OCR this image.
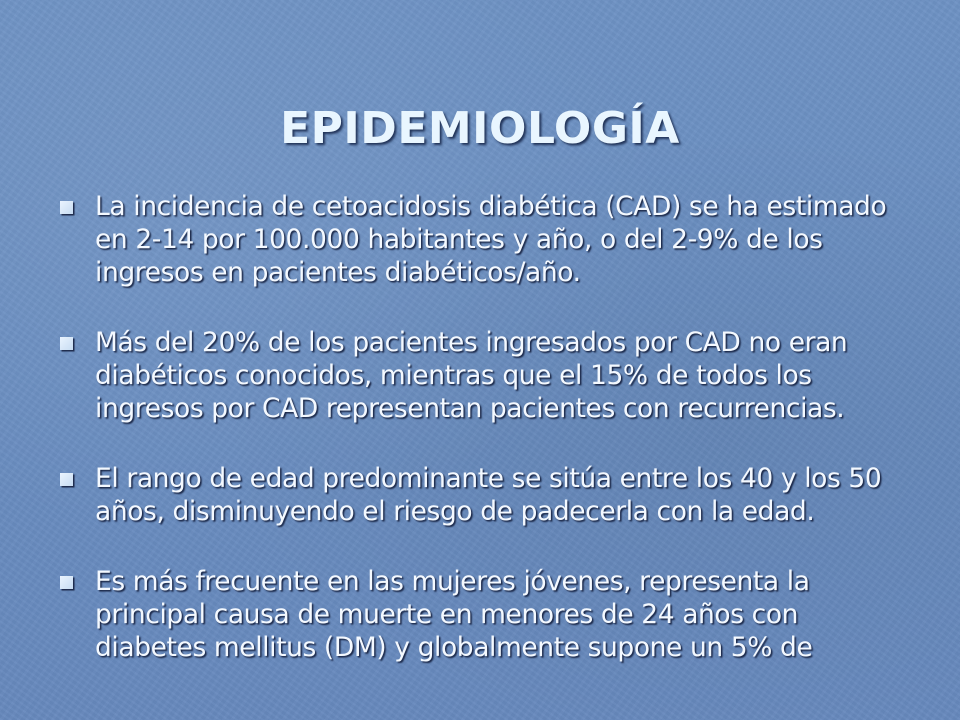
EPIDEMIOLOGÍA
La incidencia de cetoacidosis diabética (CAD) se ha estimado en 2-14 por 100.000 habitantes y año, o del 2-9% de los ingresos en pacientes diabéticos/año.
Más del 20% de los pacientes ingresados por CAD no eran diabéticos conocidos, mientras que el 15% de todos los ingresos por CAD representan pacientes con recurrencias.
El rango de edad predominante se sitúa entre los 40 y los 50 años, disminuyendo el riesgo de padecerla con la edad.
Es más frecuente en las mujeres jóvenes, representa la principal causa de muerte en menores de 24 años con diabetes mellitus (DM) y globalmente supone un 5% de
